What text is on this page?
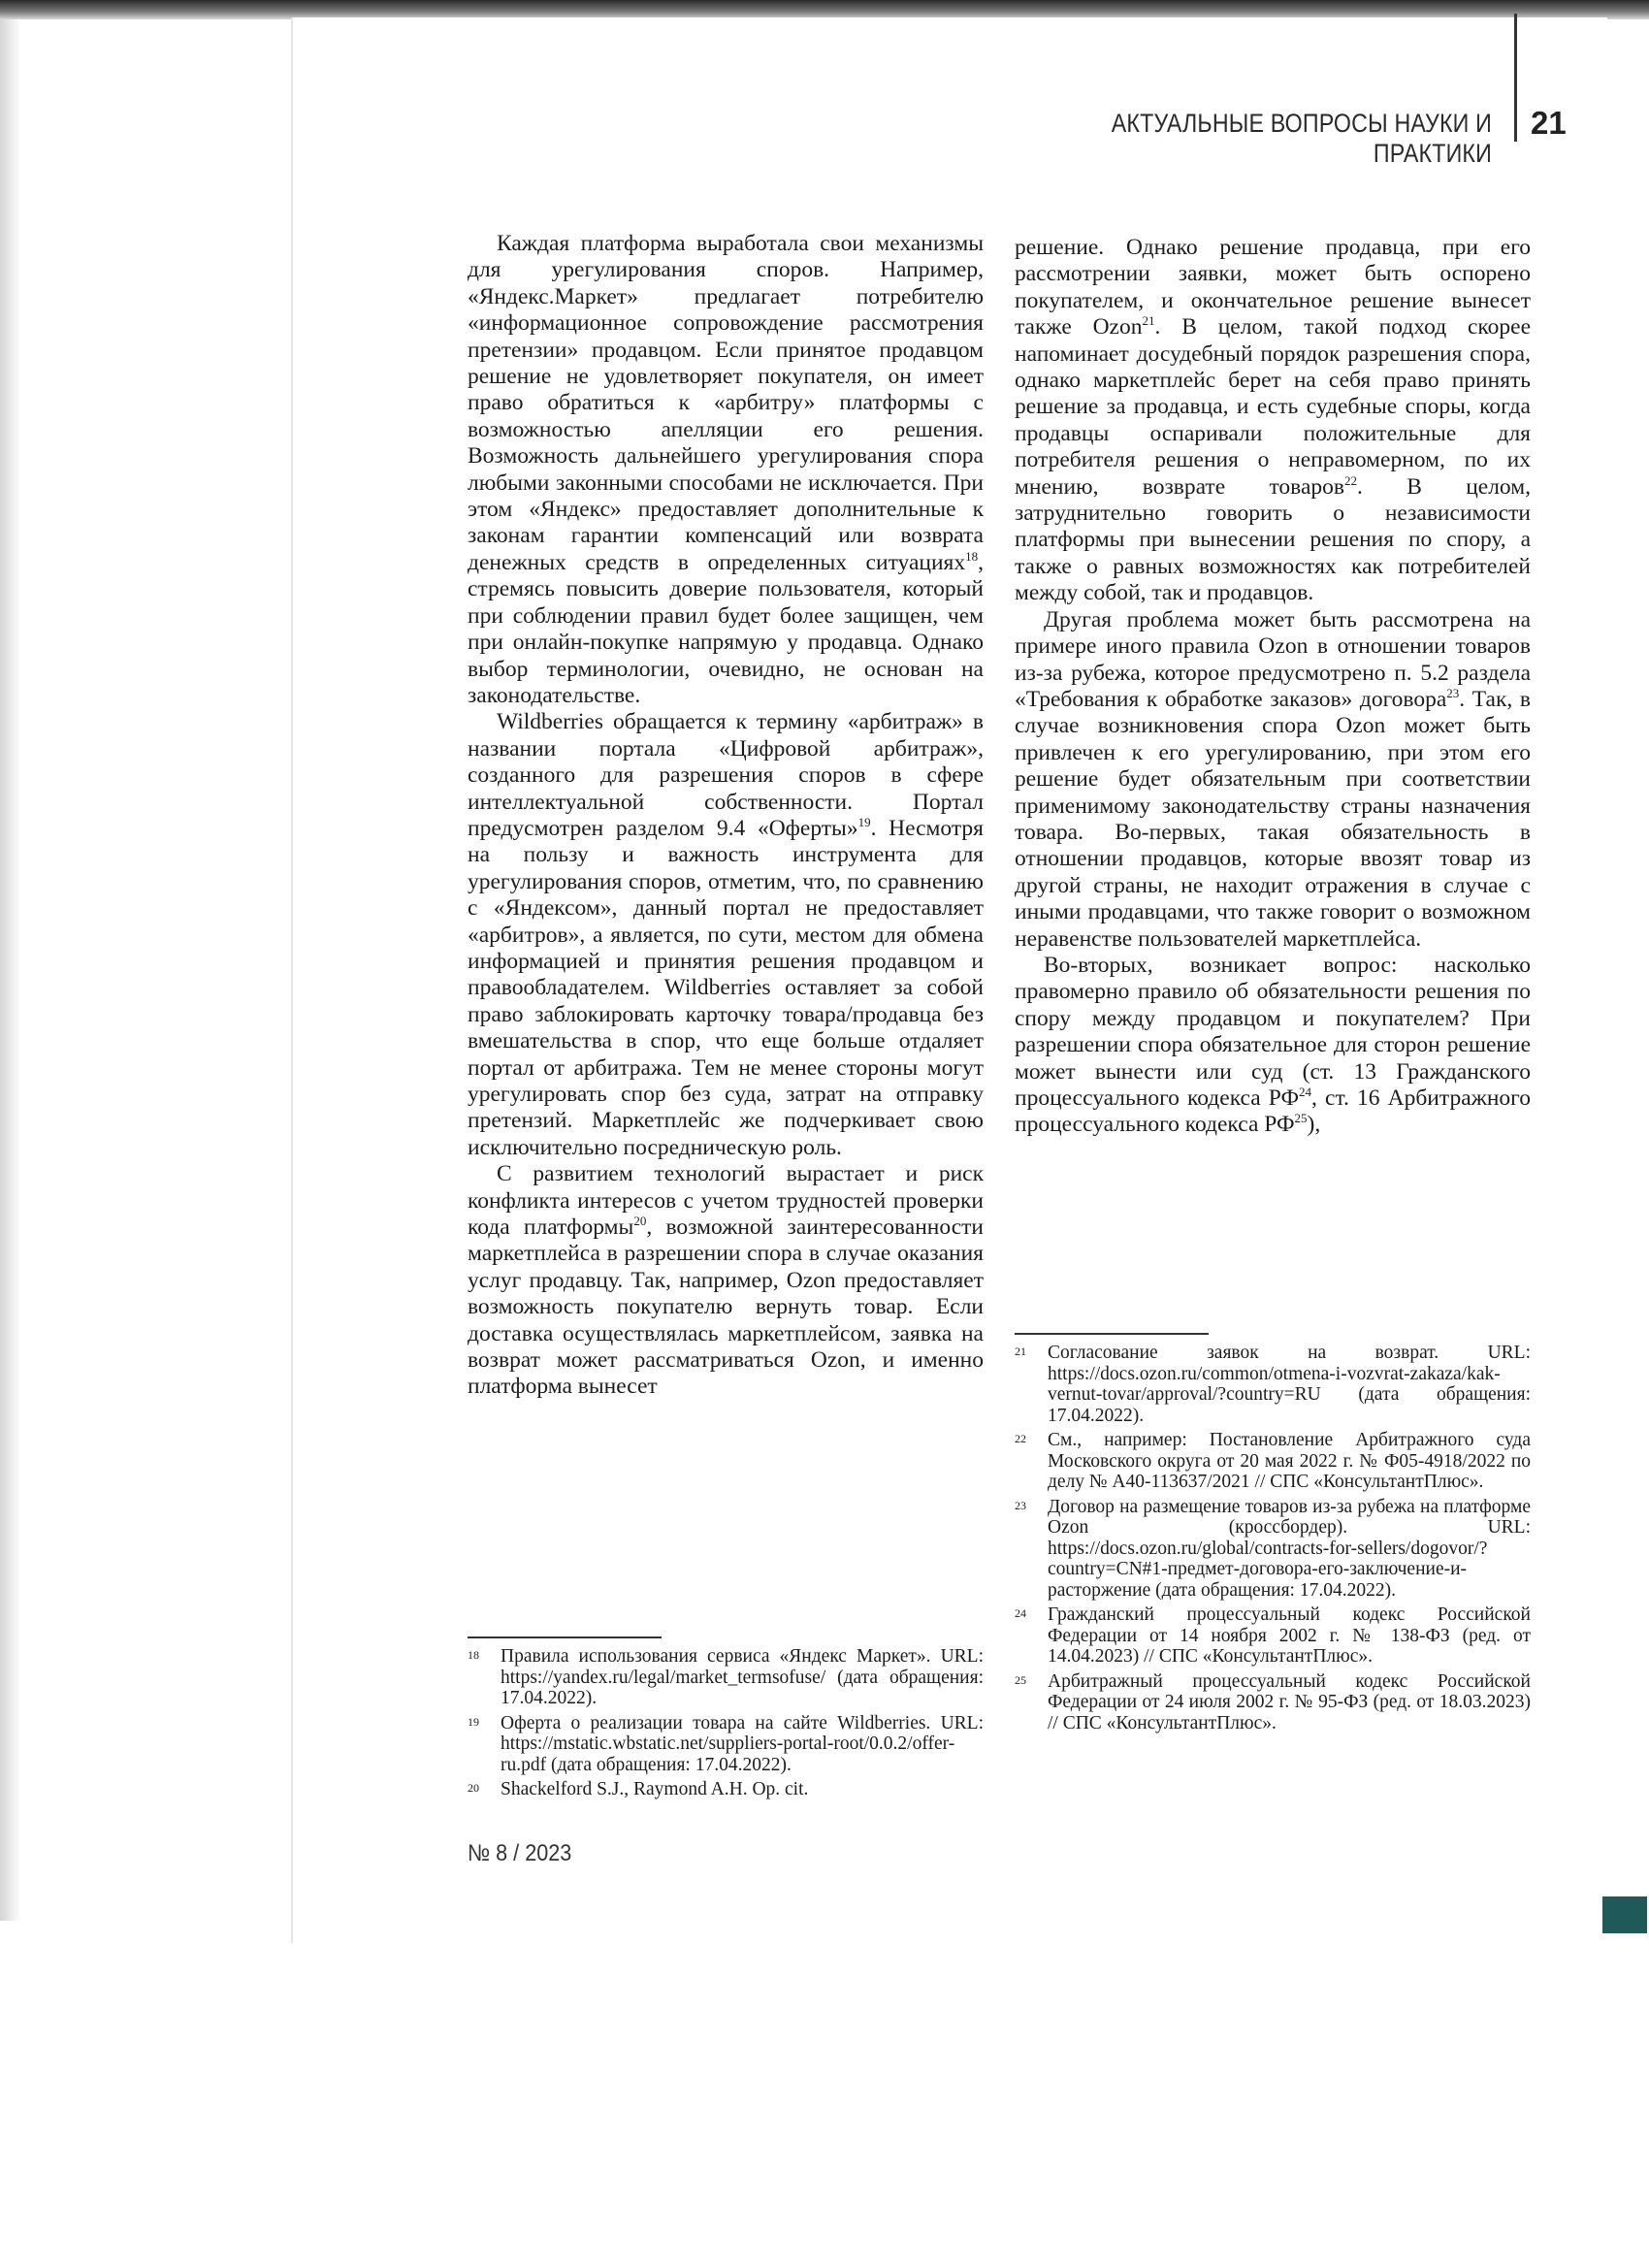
АКТУАЛЬНЫЕ ВОПРОСЫ НАУКИ И ПРАКТИКИ
21

Каждая платформа выработала свои механизмы для урегулирования споров. Например, «Яндекс.Маркет» предлагает потребителю «информационное сопровождение рассмотрения претензии» продавцом. Если принятое продавцом решение не удовлетворяет покупателя, он имеет право обратиться к «арбитру» платформы с возможностью апелляции его решения. Возможность дальнейшего урегулирования спора любыми законными способами не исключается. При этом «Яндекс» предоставляет дополнительные к законам гарантии компенсаций или возврата денежных средств в определенных ситуациях$^{18}$, стремясь повысить доверие пользователя, который при соблюдении правил будет более защищен, чем при онлайн-покупке напрямую у продавца. Однако выбор терминологии, очевидно, не основан на законодательстве.

Wildberries обращается к термину «арбитраж» в названии портала «Цифровой арбитраж», созданного для разрешения споров в сфере интеллектуальной собственности. Портал предусмотрен разделом 9.4 «Оферты»$^{19}$. Несмотря на пользу и важность инструмента для урегулирования споров, отметим, что, по сравнению с «Яндексом», данный портал не предоставляет «арбитров», а является, по сути, местом для обмена информацией и принятия решения продавцом и правообладателем. Wildberries оставляет за собой право заблокировать карточку товара/продавца без вмешательства в спор, что еще больше отдаляет портал от арбитража. Тем не менее стороны могут урегулировать спор без суда, затрат на отправку претензий. Маркетплейс же подчеркивает свою исключительно посредническую роль.

С развитием технологий вырастает и риск конфликта интересов с учетом трудностей проверки кода платформы$^{20}$, возможной заинтересованности маркетплейса в разрешении спора в случае оказания услуг продавцу. Так, например, Ozon предоставляет возможность покупателю вернуть товар. Если доставка осуществлялась маркетплейсом, заявка на возврат может рассматриваться Ozon, и именно платформа вынесет

решение. Однако решение продавца, при его рассмотрении заявки, может быть оспорено покупателем, и окончательное решение вынесет также Ozon$^{21}$. В целом, такой подход скорее напоминает досудебный порядок разрешения спора, однако маркетплейс берет на себя право принять решение за продавца, и есть судебные споры, когда продавцы оспаривали положительные для потребителя решения о неправомерном, по их мнению, возврате товаров$^{22}$. В целом, затруднительно говорить о независимости платформы при вынесении решения по спору, а также о равных возможностях как потребителей между собой, так и продавцов.

Другая проблема может быть рассмотрена на примере иного правила Ozon в отношении товаров из-за рубежа, которое предусмотрено п. 5.2 раздела «Требования к обработке заказов» договора$^{23}$. Так, в случае возникновения спора Ozon может быть привлечен к его урегулированию, при этом его решение будет обязательным при соответствии применимому законодательству страны назначения товара. Во-первых, такая обязательность в отношении продавцов, которые ввозят товар из другой страны, не находит отражения в случае с иными продавцами, что также говорит о возможном неравенстве пользователей маркетплейса.

Во-вторых, возникает вопрос: насколько правомерно правило об обязательности решения по спору между продавцом и покупателем? При разрешении спора обязательное для сторон решение может вынести или суд (ст. 13 Гражданского процессуального кодекса РФ$^{24}$, ст. 16 Арбитражного процессуального кодекса РФ$^{25}$),

18	Правила использования сервиса «Яндекс Маркет». URL: https://yandex.ru/legal/market_termsofuse/ (дата обращения: 17.04.2022).
19	Оферта о реализации товара на сайте Wildberries. URL: https://mstatic.wbstatic.net/suppliers-portal-root/0.0.2/offer-ru.pdf (дата обращения: 17.04.2022).
20	Shackelford S.J., Raymond A.H. Op. cit.
21	Согласование заявок на возврат. URL: https://docs.ozon.ru/common/otmena-i-vozvrat-zakaza/kak-vernut-tovar/approval/?country=RU (дата обращения: 17.04.2022).
22	См., например: Постановление Арбитражного суда Московского округа от 20 мая 2022 г. № Ф05-4918/2022 по делу № А40-113637/2021 // СПС «КонсультантПлюс».
23	Договор на размещение товаров из-за рубежа на платформе Ozon (кроссбордер). URL: https://docs.ozon.ru/global/contracts-for-sellers/dogovor/?country=CN#1-предмет-договора-его-заключение-и-расторжение (дата обращения: 17.04.2022).
24	Гражданский процессуальный кодекс Российской Федерации от 14 ноября 2002 г. № 138-ФЗ (ред. от 14.04.2023) // СПС «КонсультантПлюс».
25	Арбитражный процессуальный кодекс Российской Федерации от 24 июля 2002 г. № 95-ФЗ (ред. от 18.03.2023) // СПС «КонсультантПлюс».
№ 8 / 2023
